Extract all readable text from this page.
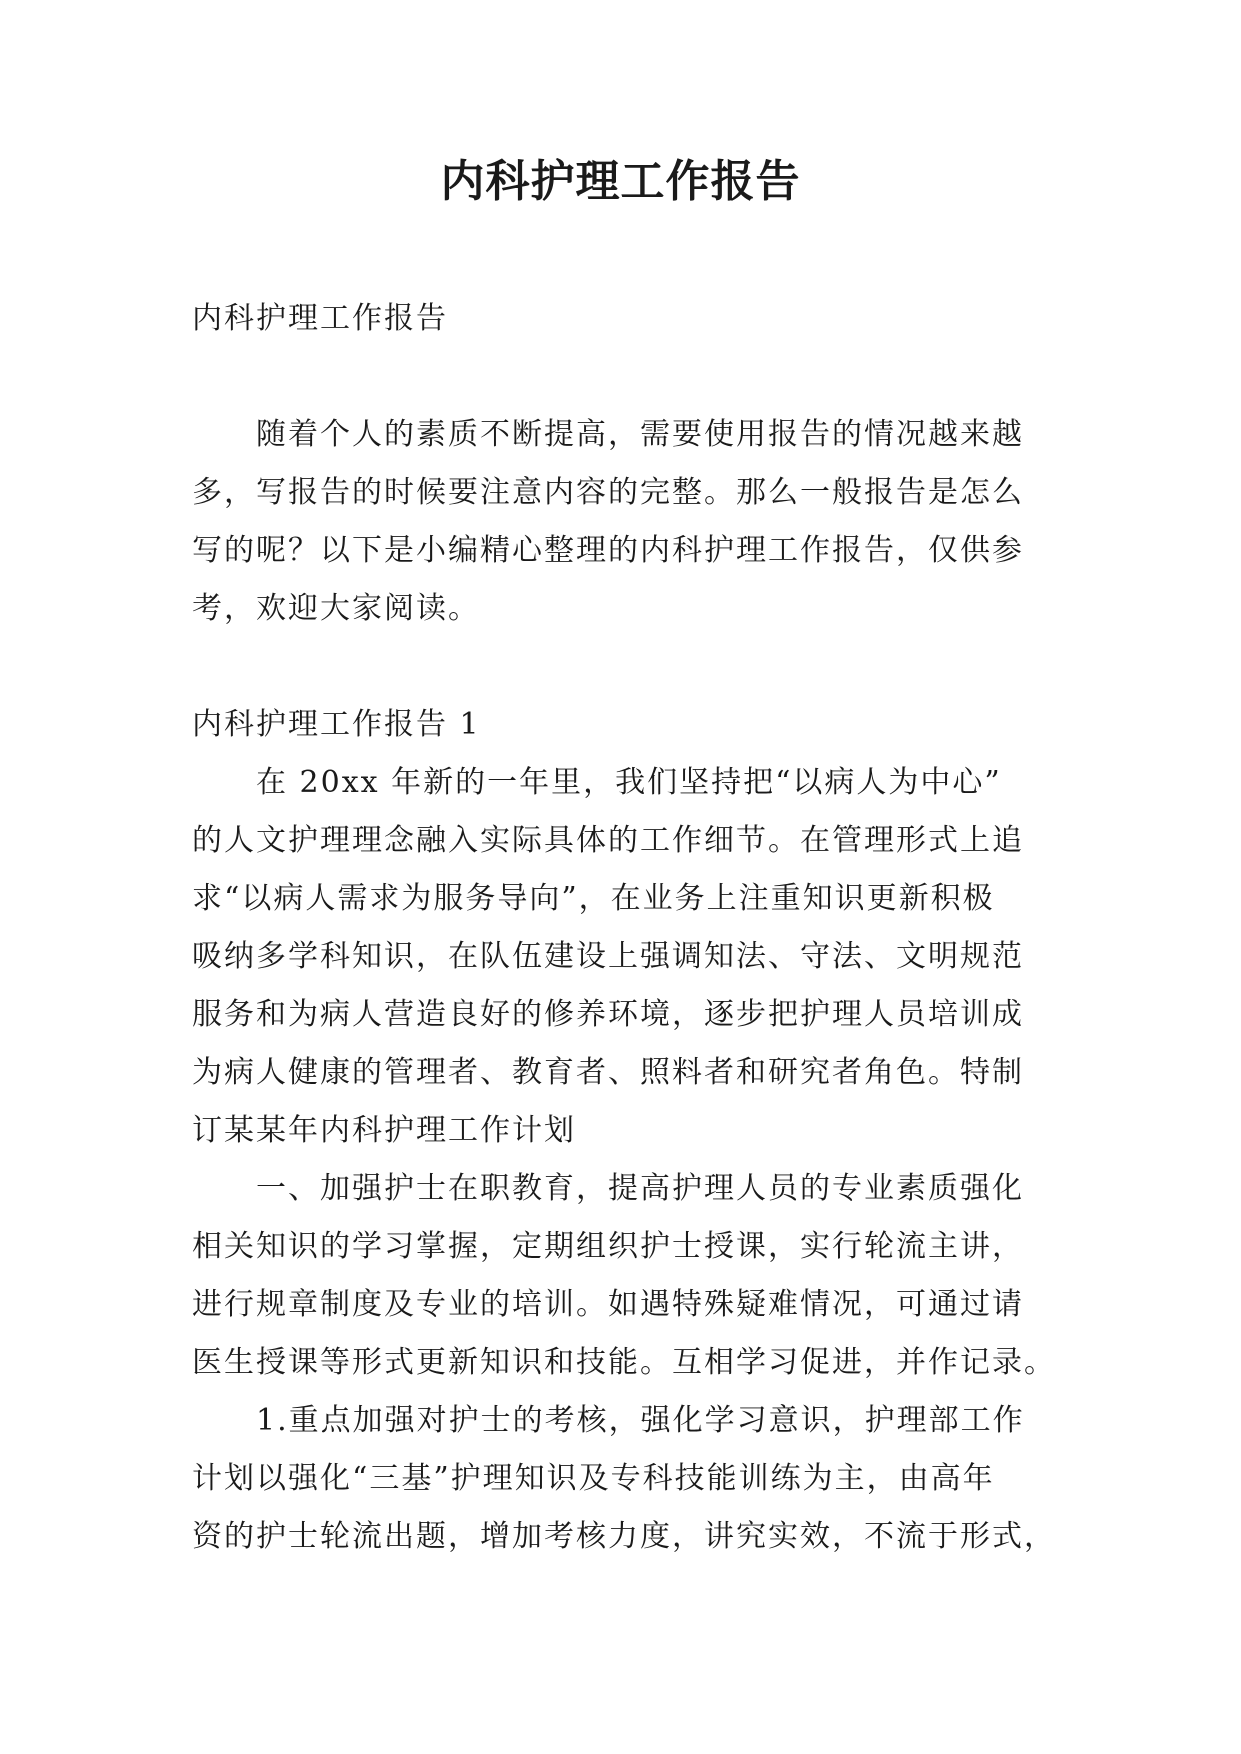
内科护理工作报告
内科护理工作报告
随着个人的素质不断提高，需要使用报告的情况越来越
多，写报告的时候要注意内容的完整。那么一般报告是怎么
写的呢？以下是小编精心整理的内科护理工作报告，仅供参
考，欢迎大家阅读。
内科护理工作报告 1
在 20xx 年新的一年里，我们坚持把“以病人为中心”
的人文护理理念融入实际具体的工作细节。在管理形式上追
求“以病人需求为服务导向”，在业务上注重知识更新积极
吸纳多学科知识，在队伍建设上强调知法、守法、文明规范
服务和为病人营造良好的修养环境，逐步把护理人员培训成
为病人健康的管理者、教育者、照料者和研究者角色。特制
订某某年内科护理工作计划
一、加强护士在职教育，提高护理人员的专业素质强化
相关知识的学习掌握，定期组织护士授课，实行轮流主讲，
进行规章制度及专业的培训。如遇特殊疑难情况，可通过请
医生授课等形式更新知识和技能。互相学习促进，并作记录。
1.重点加强对护士的考核，强化学习意识，护理部工作
计划以强化“三基”护理知识及专科技能训练为主，由高年
资的护士轮流出题，增加考核力度，讲究实效，不流于形式，
